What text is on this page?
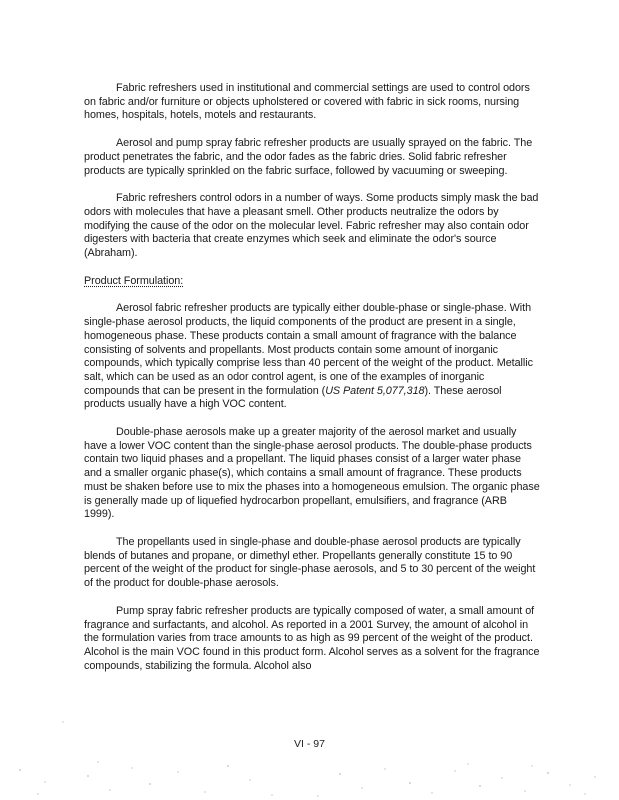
Fabric refreshers used in institutional and commercial settings are used to control odors on fabric and/or furniture or objects upholstered or covered with fabric in sick rooms, nursing homes, hospitals, hotels, motels and restaurants.

Aerosol and pump spray fabric refresher products are usually sprayed on the fabric. The product penetrates the fabric, and the odor fades as the fabric dries. Solid fabric refresher products are typically sprinkled on the fabric surface, followed by vacuuming or sweeping.

Fabric refreshers control odors in a number of ways. Some products simply mask the bad odors with molecules that have a pleasant smell. Other products neutralize the odors by modifying the cause of the odor on the molecular level. Fabric refresher may also contain odor digesters with bacteria that create enzymes which seek and eliminate the odor's source (Abraham).

Product Formulation:

Aerosol fabric refresher products are typically either double-phase or single-phase. With single-phase aerosol products, the liquid components of the product are present in a single, homogeneous phase. These products contain a small amount of fragrance with the balance consisting of solvents and propellants. Most products contain some amount of inorganic compounds, which typically comprise less than 40 percent of the weight of the product. Metallic salt, which can be used as an odor control agent, is one of the examples of inorganic compounds that can be present in the formulation (US Patent 5,077,318). These aerosol products usually have a high VOC content.

Double-phase aerosols make up a greater majority of the aerosol market and usually have a lower VOC content than the single-phase aerosol products. The double-phase products contain two liquid phases and a propellant. The liquid phases consist of a larger water phase and a smaller organic phase(s), which contains a small amount of fragrance. These products must be shaken before use to mix the phases into a homogeneous emulsion. The organic phase is generally made up of liquefied hydrocarbon propellant, emulsifiers, and fragrance (ARB 1999).

The propellants used in single-phase and double-phase aerosol products are typically blends of butanes and propane, or dimethyl ether. Propellants generally constitute 15 to 90 percent of the weight of the product for single-phase aerosols, and 5 to 30 percent of the weight of the product for double-phase aerosols.

Pump spray fabric refresher products are typically composed of water, a small amount of fragrance and surfactants, and alcohol. As reported in a 2001 Survey, the amount of alcohol in the formulation varies from trace amounts to as high as 99 percent of the weight of the product. Alcohol is the main VOC found in this product form. Alcohol serves as a solvent for the fragrance compounds, stabilizing the formula. Alcohol also

VI - 97
